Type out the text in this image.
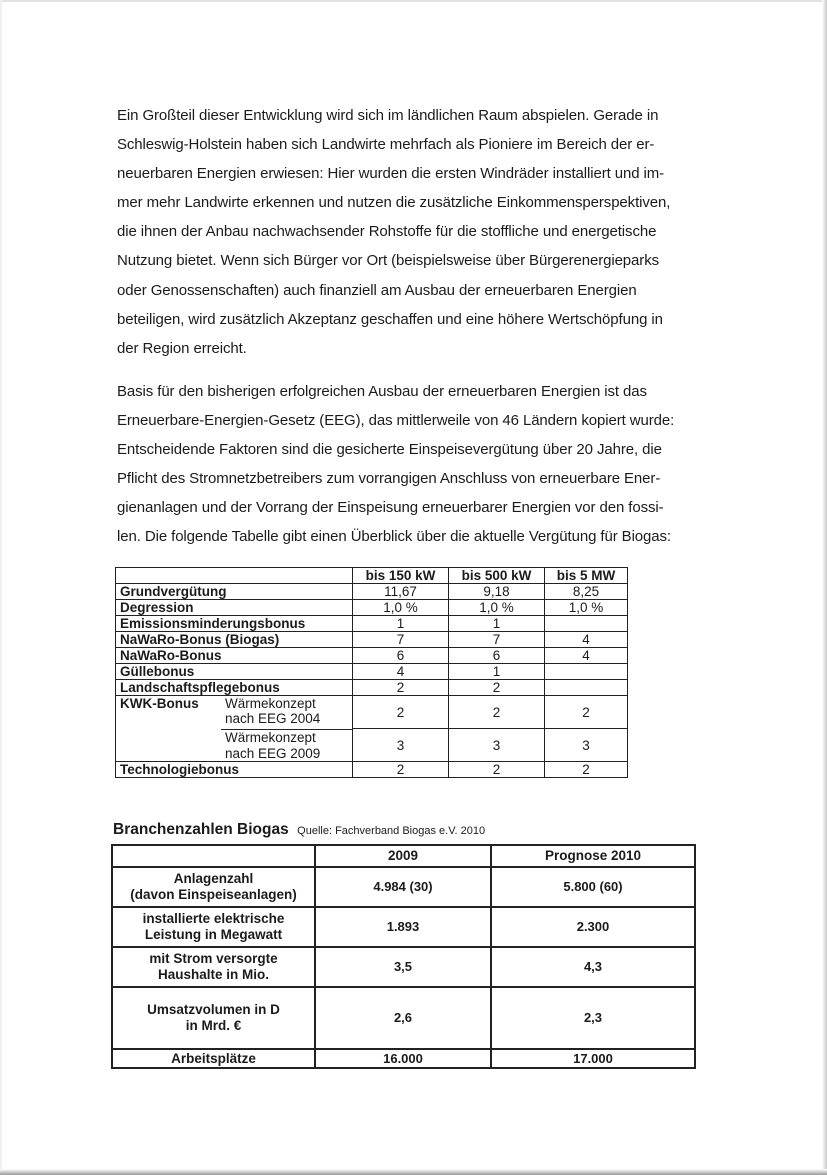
Ein Großteil dieser Entwicklung wird sich im ländlichen Raum abspielen. Gerade in
Schleswig-Holstein haben sich Landwirte mehrfach als Pioniere im Bereich der er-
neuerbaren Energien erwiesen: Hier wurden die ersten Windräder installiert und im-
mer mehr Landwirte erkennen und nutzen die zusätzliche Einkommensperspektiven,
die ihnen der Anbau nachwachsender Rohstoffe für die stoffliche und energetische
Nutzung bietet. Wenn sich Bürger vor Ort (beispielsweise über Bürgerenergieparks
oder Genossenschaften) auch finanziell am Ausbau der erneuerbaren Energien
beteiligen, wird zusätzlich Akzeptanz geschaffen und eine höhere Wertschöpfung in
der Region erreicht.

Basis für den bisherigen erfolgreichen Ausbau der erneuerbaren Energien ist das
Erneuerbare-Energien-Gesetz (EEG), das mittlerweile von 46 Ländern kopiert wurde:
Entscheidende Faktoren sind die gesicherte Einspeisevergütung über 20 Jahre, die
Pflicht des Stromnetzbetreibers zum vorrangigen Anschluss von erneuerbare Ener-
gienanlagen und der Vorrang der Einspeisung erneuerbarer Energien vor den fossi-
len. Die folgende Tabelle gibt einen Überblick über die aktuelle Vergütung für Biogas:

	bis 150 kW	bis 500 kW	bis 5 MW
Grundvergütung	11,67	9,18	8,25
Degression	1,0 %	1,0 %	1,0 %
Emissionsminderungsbonus	1	1	
NaWaRo-Bonus (Biogas)	7	7	4
NaWaRo-Bonus	6	6	4
Güllebonus	4	1	
Landschaftspflegebonus	2	2	

KWK-Bonus Wärmekonzept
nach EEG 2004	2	2	2

Wärmekonzept
nach EEG 2009	3	3	3
Technologiebonus	2	2	2

Branchenzahlen Biogas Quelle: Fachverband Biogas e.V. 2010

	2009	Prognose 2010

Anlagenzahl
(davon Einspeiseanlagen)	4.984 (30)	5.800 (60)

installierte elektrische
Leistung in Megawatt	1.893	2.300

mit Strom versorgte
Haushalte in Mio.	3,5	4,3

Umsatzvolumen in D
in Mrd. €	2,6	2,3
Arbeitsplätze	16.000	17.000
